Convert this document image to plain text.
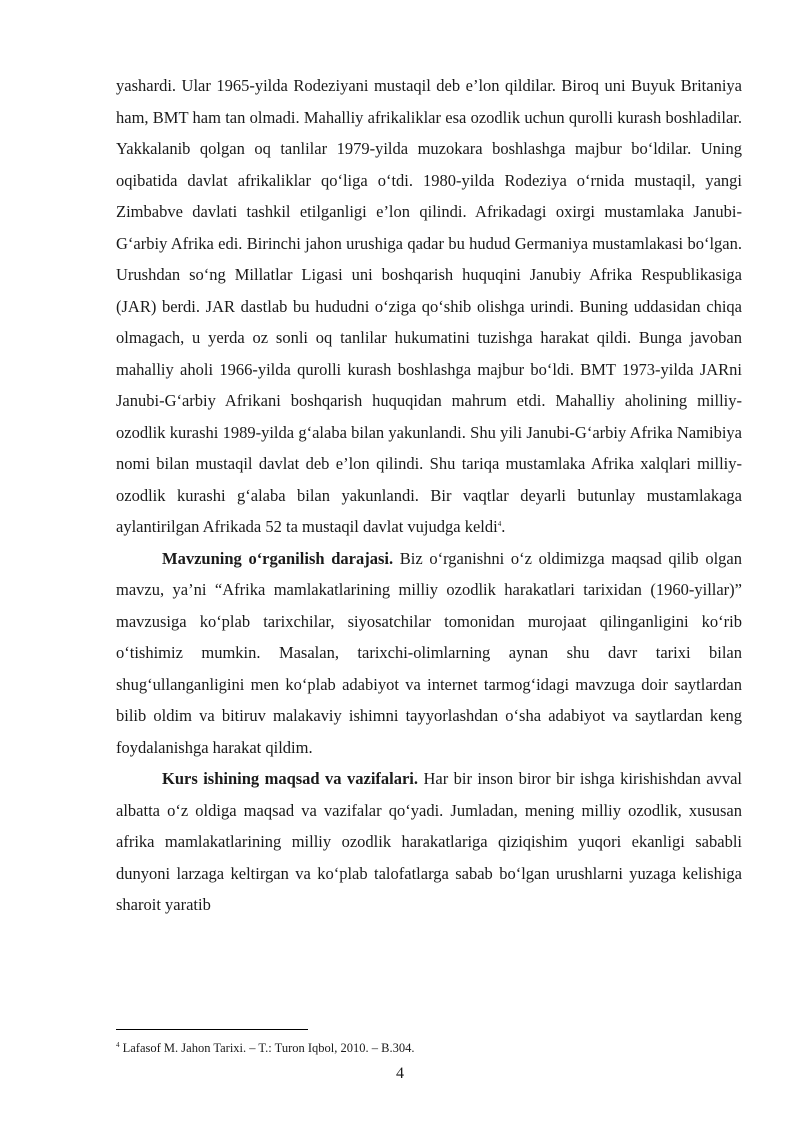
yashardi. Ular 1965-yilda Rodeziyani mustaqil deb e’lon qildilar. Biroq uni Buyuk Britaniya ham, BMT ham tan olmadi. Mahalliy afrikaliklar esa ozodlik uchun qurolli kurash boshladilar. Yakkalanib qolgan oq tanlilar 1979-yilda muzokara boshlashga majbur bo‘ldilar. Uning oqibatida davlat afrikaliklar qo‘liga o‘tdi. 1980-yilda Rodeziya o‘rnida mustaqil, yangi Zimbabve davlati tashkil etilganligi e’lon qilindi. Afrikadagi oxirgi mustamlaka Janubi-G‘arbiy Afrika edi. Birinchi jahon urushiga qadar bu hudud Germaniya mustamlakasi bo‘lgan. Urushdan so‘ng Millatlar Ligasi uni boshqarish huquqini Janubiy Afrika Respublikasiga (JAR) berdi. JAR dastlab bu hududni o‘ziga qo‘shib olishga urindi. Buning uddasidan chiqa olmagach, u yerda oz sonli oq tanlilar hukumatini tuzishga harakat qildi. Bunga javoban mahalliy aholi 1966-yilda qurolli kurash boshlashga majbur bo‘ldi. BMT 1973-yilda JARni Janubi-G‘arbiy Afrikani boshqarish huquqidan mahrum etdi. Mahalliy aholining milliy-ozodlik kurashi 1989-yilda g‘alaba bilan yakunlandi. Shu yili Janubi-G‘arbiy Afrika Namibiya nomi bilan mustaqil davlat deb e’lon qilindi. Shu tariqa mustamlaka Afrika xalqlari milliy-ozodlik kurashi g‘alaba bilan yakunlandi. Bir vaqtlar deyarli butunlay mustamlakaga aylantirilgan Afrikada 52 ta mustaqil davlat vujudga keldi$^4$.

Mavzuning o‘rganilish darajasi. Biz o‘rganishni o‘z oldimizga maqsad qilib olgan mavzu, ya’ni “Afrika mamlakatlarining milliy ozodlik harakatlari tarixidan (1960-yillar)” mavzusiga ko‘plab tarixchilar, siyosatchilar tomonidan murojaat qilinganligini ko‘rib o‘tishimiz mumkin. Masalan, tarixchi-olimlarning aynan shu davr tarixi bilan shug‘ullanganligini men ko‘plab adabiyot va internet tarmog‘idagi mavzuga doir saytlardan bilib oldim va bitiruv malakaviy ishimni tayyorlashdan o‘sha adabiyot va saytlardan keng foydalanishga harakat qildim.

Kurs ishining maqsad va vazifalari. Har bir inson biror bir ishga kirishishdan avval albatta o‘z oldiga maqsad va vazifalar qo‘yadi. Jumladan, mening milliy ozodlik, xususan afrika mamlakatlarining milliy ozodlik harakatlariga qiziqishim yuqori ekanligi sababli dunyoni larzaga keltirgan va ko‘plab talofatlarga sabab bo‘lgan urushlarni yuzaga kelishiga sharoit yaratib

$^4$ Lafasof M. Jahon Tarixi. – T.: Turon Iqbol, 2010. – B.304.
4
